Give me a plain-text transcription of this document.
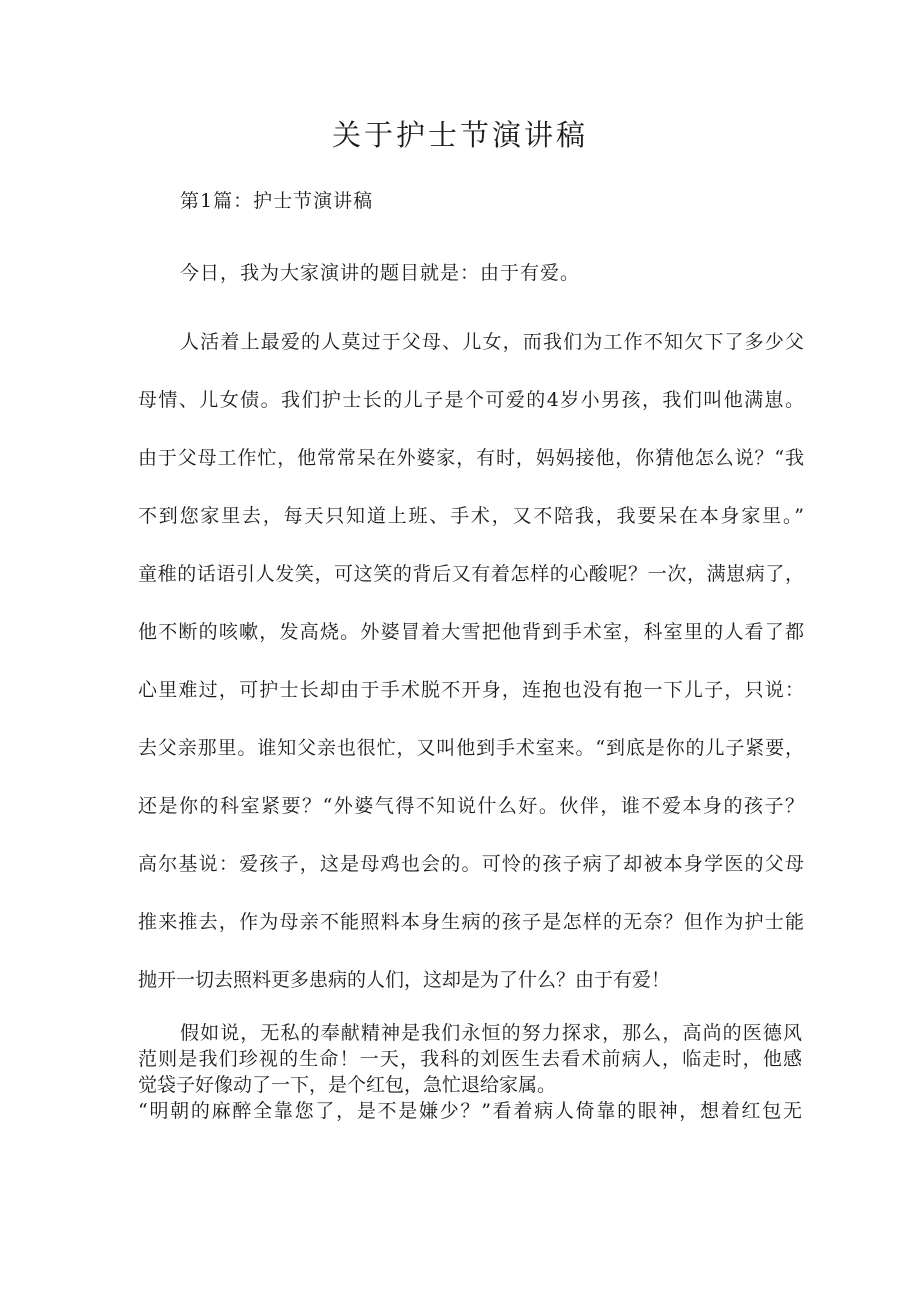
关于护士节演讲稿
第1篇：护士节演讲稿
今日，我为大家演讲的题目就是：由于有爱。
人活着上最爱的人莫过于父母、儿女，而我们为工作不知欠下了多少父
母情、儿女债。我们护士长的儿子是个可爱的4岁小男孩，我们叫他满崽。
由于父母工作忙，他常常呆在外婆家，有时，妈妈接他，你猜他怎么说？“我
不到您家里去，每天只知道上班、手术，又不陪我，我要呆在本身家里。”
童稚的话语引人发笑，可这笑的背后又有着怎样的心酸呢？一次，满崽病了，
他不断的咳嗽，发高烧。外婆冒着大雪把他背到手术室，科室里的人看了都
心里难过，可护士长却由于手术脱不开身，连抱也没有抱一下儿子，只说：
去父亲那里。谁知父亲也很忙，又叫他到手术室来。“到底是你的儿子紧要，
还是你的科室紧要？“外婆气得不知说什么好。伙伴，谁不爱本身的孩子？
高尔基说：爱孩子，这是母鸡也会的。可怜的孩子病了却被本身学医的父母
推来推去，作为母亲不能照料本身生病的孩子是怎样的无奈？但作为护士能
抛开一切去照料更多患病的人们，这却是为了什么？由于有爱！
假如说，无私的奉献精神是我们永恒的努力探求，那么，高尚的医德风
范则是我们珍视的生命！一天，我科的刘医生去看术前病人，临走时，他感
觉袋子好像动了一下，是个红包，急忙退给家属。
“明朝的麻醉全靠您了，是不是嫌少？”看着病人倚靠的眼神，想着红包无
